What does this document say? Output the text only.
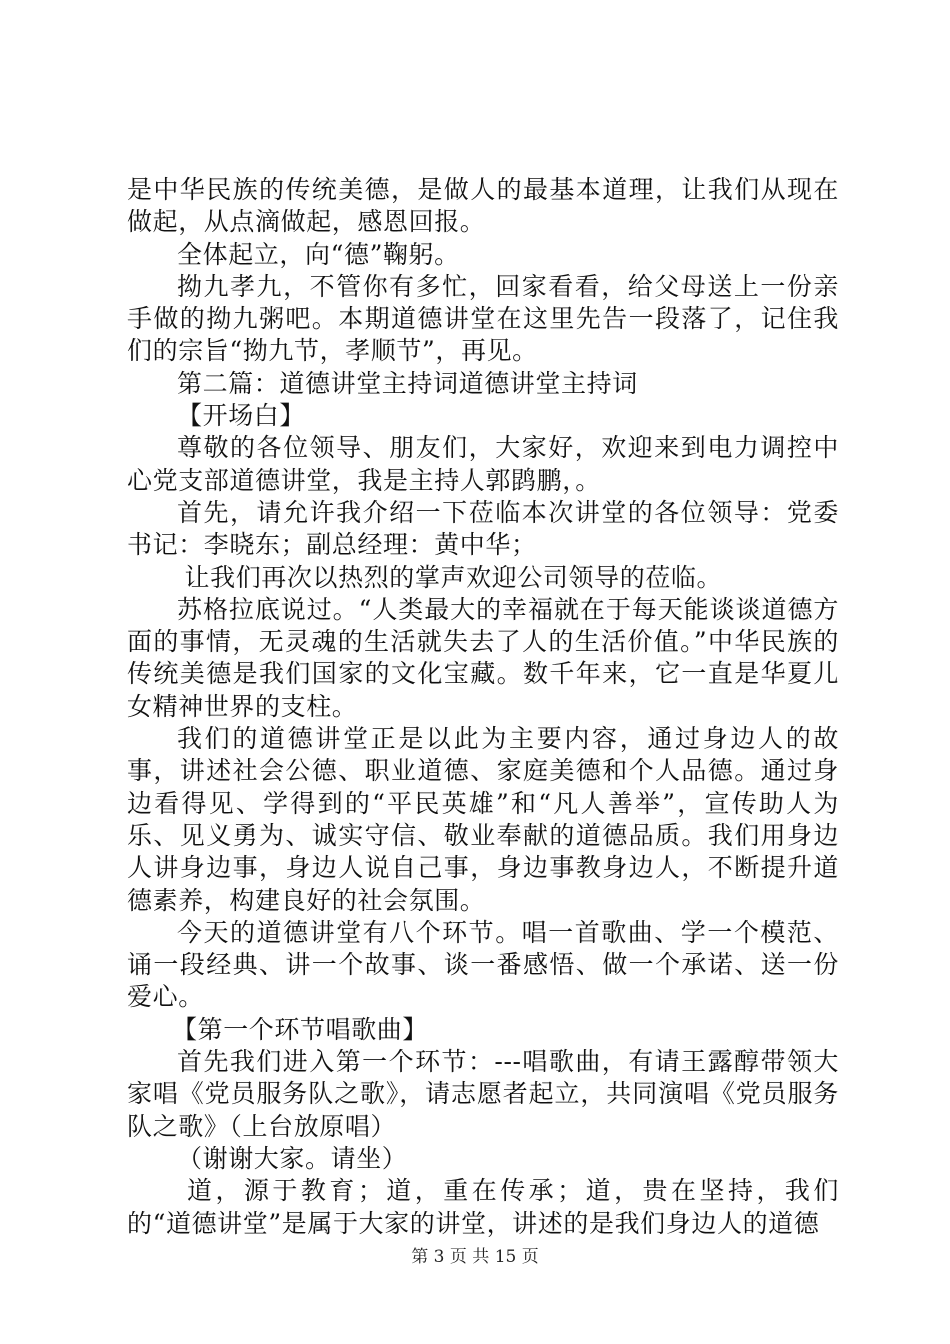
是中华民族的传统美德，是做人的最基本道理，让我们从现在做起，从点滴做起，感恩回报。

全体起立，向“德”鞠躬。

拗九孝九，不管你有多忙，回家看看，给父母送上一份亲手做的拗九粥吧。本期道德讲堂在这里先告一段落了，记住我们的宗旨“拗九节，孝顺节”，再见。

第二篇：道德讲堂主持词道德讲堂主持词

【开场白】

尊敬的各位领导、朋友们，大家好，欢迎来到电力调控中心党支部道德讲堂，我是主持人郭鹍鹏，。

首先，请允许我介绍一下莅临本次讲堂的各位领导：党委书记：李晓东；副总经理：黄中华；

让我们再次以热烈的掌声欢迎公司领导的莅临。

苏格拉底说过。“人类最大的幸福就在于每天能谈谈道德方面的事情，无灵魂的生活就失去了人的生活价值。”中华民族的传统美德是我们国家的文化宝藏。数千年来，它一直是华夏儿女精神世界的支柱。

我们的道德讲堂正是以此为主要内容，通过身边人的故事，讲述社会公德、职业道德、家庭美德和个人品德。通过身边看得见、学得到的“平民英雄”和“凡人善举”，宣传助人为乐、见义勇为、诚实守信、敬业奉献的道德品质。我们用身边人讲身边事，身边人说自己事，身边事教身边人，不断提升道德素养，构建良好的社会氛围。

今天的道德讲堂有八个环节。唱一首歌曲、学一个模范、诵一段经典、讲一个故事、谈一番感悟、做一个承诺、送一份爱心。

【第一个环节唱歌曲】

首先我们进入第一个环节：---唱歌曲，有请王露醇带领大家唱《党员服务队之歌》，请志愿者起立，共同演唱《党员服务队之歌》（上台放原唱）

（谢谢大家。请坐）

道，源于教育；道，重在传承；道，贵在坚持，我们的“道德讲堂”是属于大家的讲堂，讲述的是我们身边人的道德

第 3 页 共 15 页
